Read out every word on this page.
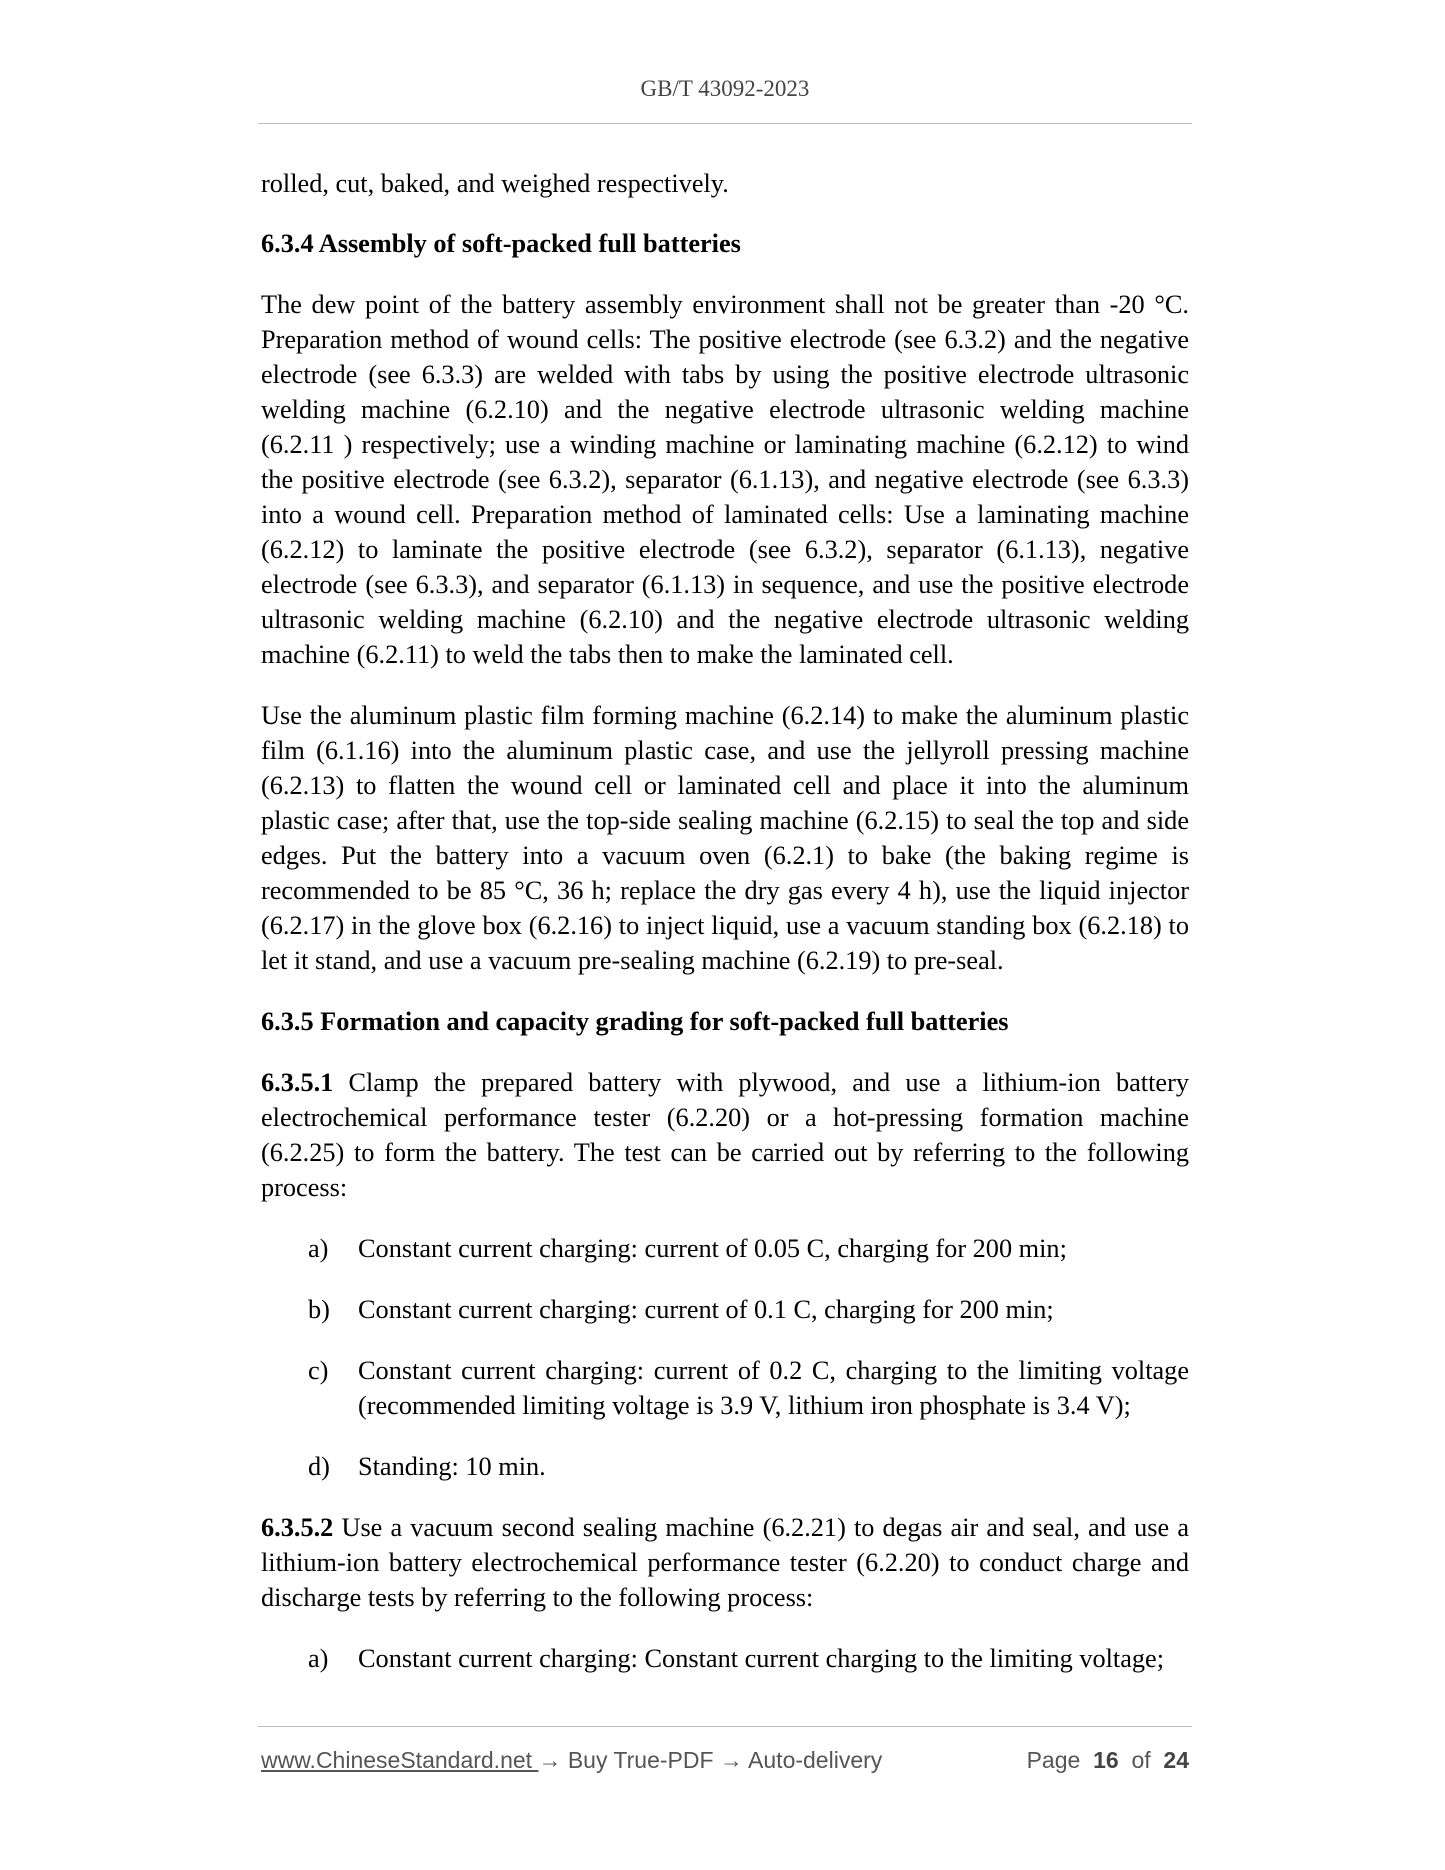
GB/T 43092-2023

rolled, cut, baked, and weighed respectively.

6.3.4 Assembly of soft-packed full batteries

The dew point of the battery assembly environment shall not be greater than -20 °C. Preparation method of wound cells: The positive electrode (see 6.3.2) and the negative electrode (see 6.3.3) are welded with tabs by using the positive electrode ultrasonic welding machine (6.2.10) and the negative electrode ultrasonic welding machine (6.2.11 ) respectively; use a winding machine or laminating machine (6.2.12) to wind the positive electrode (see 6.3.2), separator (6.1.13), and negative electrode (see 6.3.3) into a wound cell. Preparation method of laminated cells: Use a laminating machine (6.2.12) to laminate the positive electrode (see 6.3.2), separator (6.1.13), negative electrode (see 6.3.3), and separator (6.1.13) in sequence, and use the positive electrode ultrasonic welding machine (6.2.10) and the negative electrode ultrasonic welding machine (6.2.11) to weld the tabs then to make the laminated cell.

Use the aluminum plastic film forming machine (6.2.14) to make the aluminum plastic film (6.1.16) into the aluminum plastic case, and use the jellyroll pressing machine (6.2.13) to flatten the wound cell or laminated cell and place it into the aluminum plastic case; after that, use the top-side sealing machine (6.2.15) to seal the top and side edges. Put the battery into a vacuum oven (6.2.1) to bake (the baking regime is recommended to be 85 °C, 36 h; replace the dry gas every 4 h), use the liquid injector (6.2.17) in the glove box (6.2.16) to inject liquid, use a vacuum standing box (6.2.18) to let it stand, and use a vacuum pre-sealing machine (6.2.19) to pre-seal.

6.3.5 Formation and capacity grading for soft-packed full batteries

6.3.5.1 Clamp the prepared battery with plywood, and use a lithium-ion battery electrochemical performance tester (6.2.20) or a hot-pressing formation machine (6.2.25) to form the battery. The test can be carried out by referring to the following process:

a) Constant current charging: current of 0.05 C, charging for 200 min;
b) Constant current charging: current of 0.1 C, charging for 200 min;
c) Constant current charging: current of 0.2 C, charging to the limiting voltage (recommended limiting voltage is 3.9 V, lithium iron phosphate is 3.4 V);
d) Standing: 10 min.

6.3.5.2 Use a vacuum second sealing machine (6.2.21) to degas air and seal, and use a lithium-ion battery electrochemical performance tester (6.2.20) to conduct charge and discharge tests by referring to the following process:

a) Constant current charging: Constant current charging to the limiting voltage;
www.ChineseStandard.net → Buy True-PDF → Auto-delivery	Page 16 of 24
